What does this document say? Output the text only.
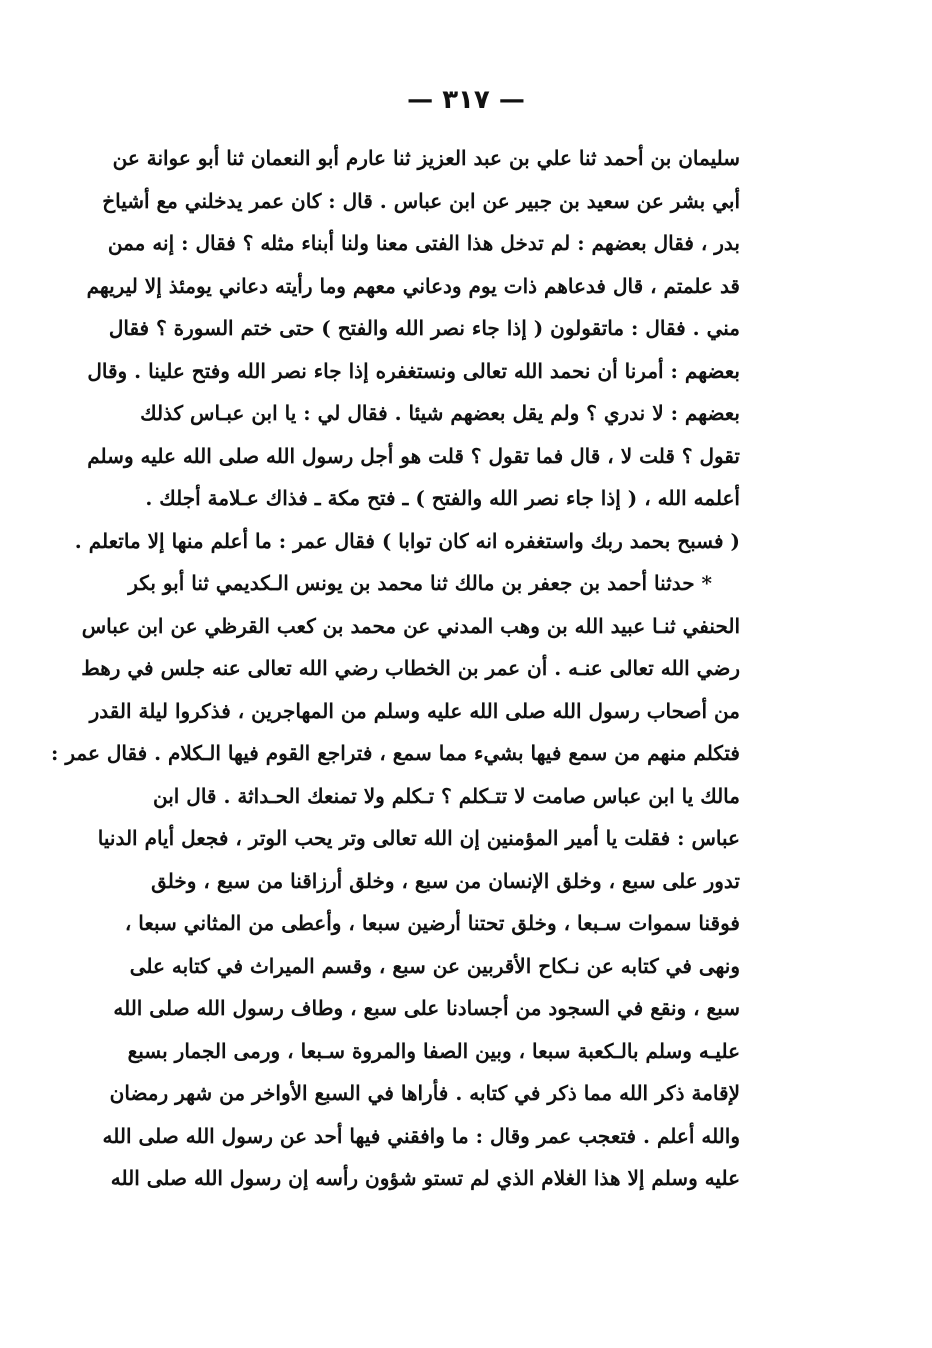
— ٣١٧ —
سليمان بن أحمد ثنا علي بن عبد العزيز ثنا عارم أبو النعمان ثنا أبو عوانة عن
أبي بشر عن سعيد بن جبير عن ابن عباس . قال : كان عمر يدخلني مع أشياخ
بدر ، فقال بعضهم : لم تدخل هذا الفتى معنا ولنا أبناء مثله ؟ فقال : إنه ممن
قد علمتم ، قال فدعاهم ذات يوم ودعاني معهم وما رأيته دعاني يومئذ إلا ليريهم
مني . فقال : ماتقولون ( إذا جاء نصر الله والفتح ) حتى ختم السورة ؟ فقال
بعضهم : أمرنا أن نحمد الله تعالى ونستغفره إذا جاء نصر الله وفتح علينا . وقال
بعضهم : لا ندري ؟ ولم يقل بعضهم شيئا . فقال لي : يا ابن عبـاس كذلك
تقول ؟ قلت لا ، قال فما تقول ؟ قلت هو أجل رسول الله صلى الله عليه وسلم
أعلمه الله ، ( إذا جاء نصر الله والفتح ) ـ فتح مكة ـ فذاك عـلامة أجلك .
( فسبح بحمد ربك واستغفره انه كان توابا ) فقال عمر : ما أعلم منها إلا ماتعلم .
* حدثنا أحمد بن جعفر بن مالك ثنا محمد بن يونس الـكديمي ثنا أبو بكر
الحنفي ثنـا عبيد الله بن وهب المدني عن محمد بن كعب القرظي عن ابن عباس
رضي الله تعالى عنـه . أن عمر بن الخطاب رضي الله تعالى عنه جلس في رهط
من أصحاب رسول الله صلى الله عليه وسلم من المهاجرين ، فذكروا ليلة القدر
فتكلم منهم من سمع فيها بشيء مما سمع ، فتراجع القوم فيها الـكلام . فقال عمر :
مالك يا ابن عباس صامت لا تتـكلم ؟ تـكلم ولا تمنعك الحـداثة . قال ابن
عباس : فقلت يا أمير المؤمنين إن الله تعالى وتر يحب الوتر ، فجعل أيام الدنيا
تدور على سبع ، وخلق الإنسان من سبع ، وخلق أرزاقنا من سبع ، وخلق
فوقنا سموات سـبعا ، وخلق تحتنا أرضين سبعا ، وأعطى من المثاني سبعا ،
ونهى في كتابه عن نـكاح الأقربين عن سبع ، وقسم الميراث في كتابه على
سبع ، ونقع في السجود من أجسادنا على سبع ، وطاف رسول الله صلى الله
عليـه وسلم بالـكعبة سبعا ، وبين الصفا والمروة سـبعا ، ورمى الجمار بسبع
لإقامة ذكر الله مما ذكر في كتابه . فأراها في السبع الأواخر من شهر رمضان
والله أعلم . فتعجب عمر وقال : ما وافقني فيها أحد عن رسول الله صلى الله
عليه وسلم إلا هذا الغلام الذي لم تستو شؤون رأسه إن رسول الله صلى الله
